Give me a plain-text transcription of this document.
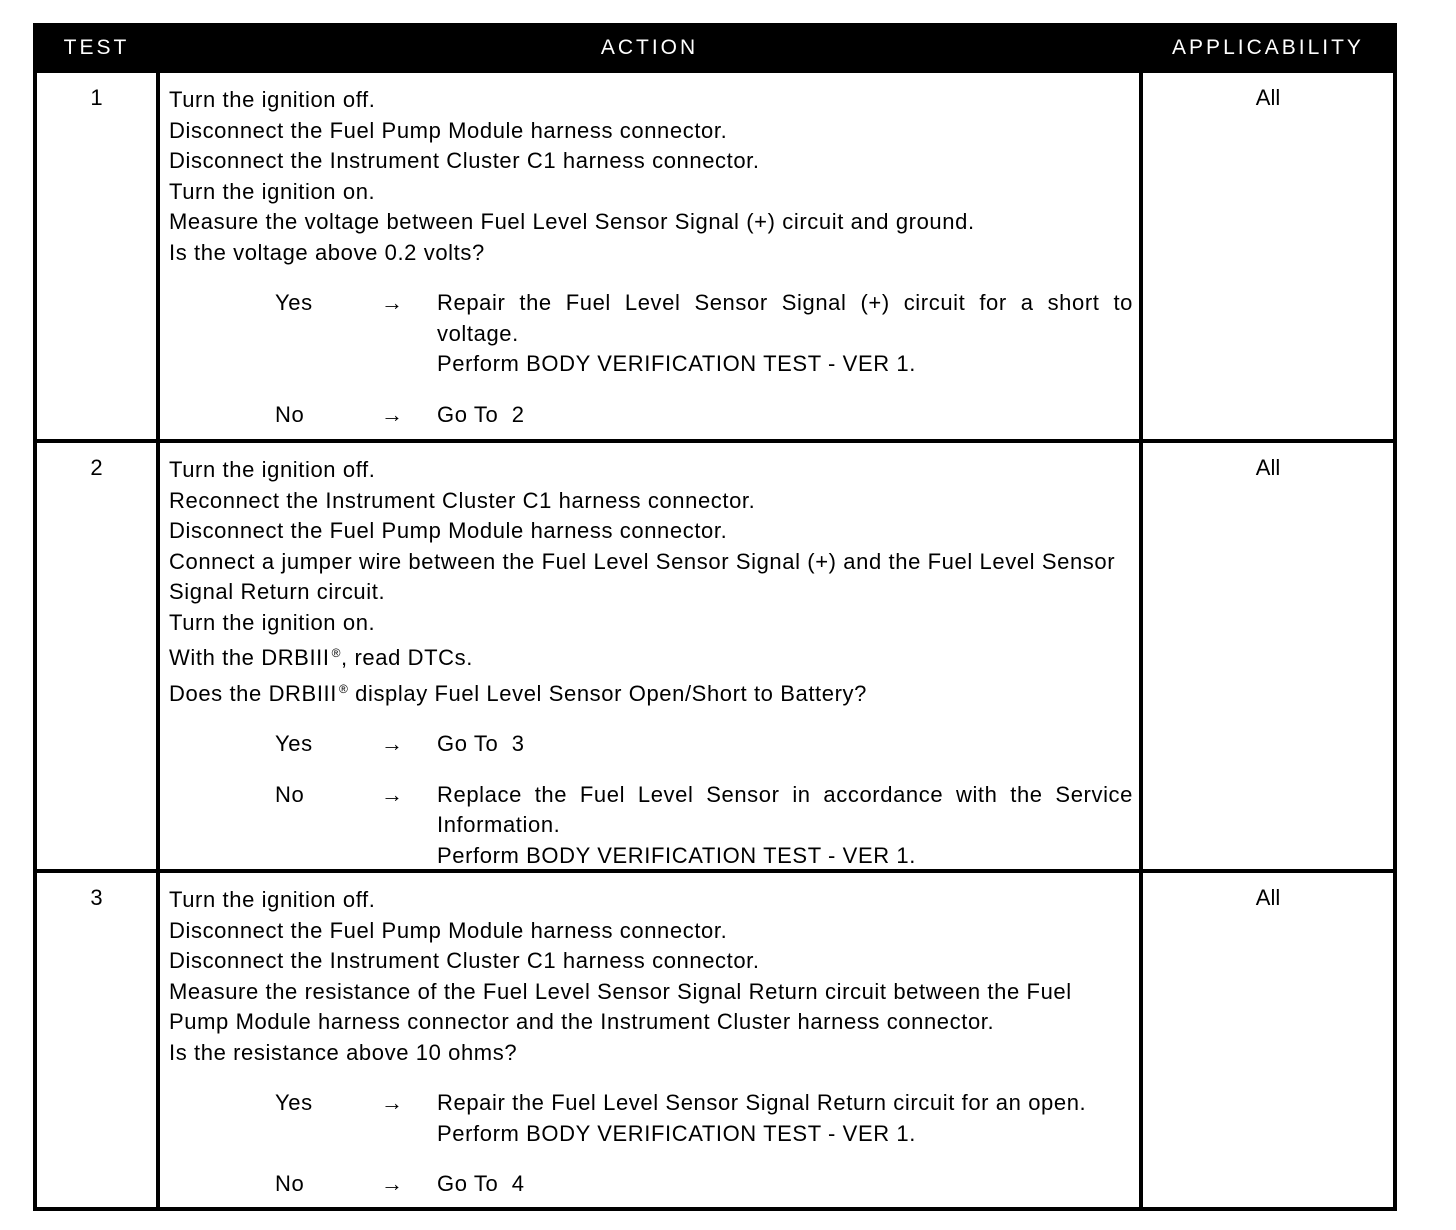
TEST	ACTION	APPLICABILITY
1	Turn the ignition off.
Disconnect the Fuel Pump Module harness connector.
Disconnect the Instrument Cluster C1 harness connector.
Turn the ignition on.
Measure the voltage between Fuel Level Sensor Signal (+) circuit and ground.
Is the voltage above 0.2 volts?
Yes	→	Repair the Fuel Level Sensor Signal (+) circuit for a short to voltage.
Perform BODY VERIFICATION TEST - VER 1.
No	→	Go To  2
All
2	Turn the ignition off.
Reconnect the Instrument Cluster C1 harness connector.
Disconnect the Fuel Pump Module harness connector.
Connect a jumper wire between the Fuel Level Sensor Signal (+) and the Fuel Level Sensor Signal Return circuit.
Turn the ignition on.
With the DRBIII ®, read DTCs.
Does the DRBIII ® display Fuel Level Sensor Open/Short to Battery?
Yes	→	Go To  3
No	→	Replace the Fuel Level Sensor in accordance with the Service Information.
Perform BODY VERIFICATION TEST - VER 1.
All
3	Turn the ignition off.
Disconnect the Fuel Pump Module harness connector.
Disconnect the Instrument Cluster C1 harness connector.
Measure the resistance of the Fuel Level Sensor Signal Return circuit between the Fuel Pump Module harness connector and the Instrument Cluster harness connector.
Is the resistance above 10 ohms?
Yes	→	Repair the Fuel Level Sensor Signal Return circuit for an open.
Perform BODY VERIFICATION TEST - VER 1.
No	→	Go To  4
All
